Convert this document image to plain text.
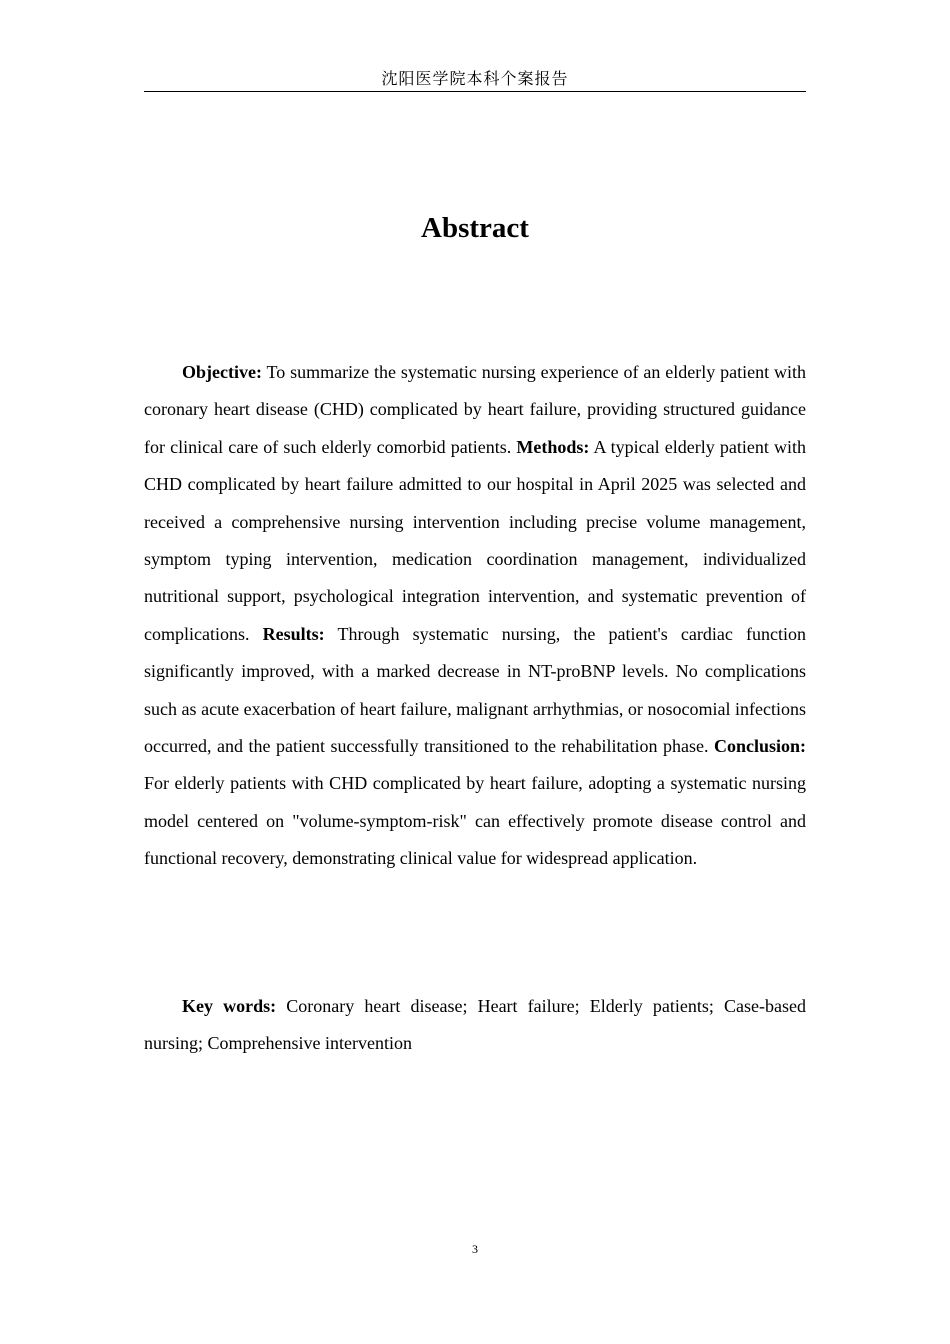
沈阳医学院本科个案报告
Abstract

Objective: To summarize the systematic nursing experience of an elderly patient with coronary heart disease (CHD) complicated by heart failure, providing structured guidance for clinical care of such elderly comorbid patients. Methods: A typical elderly patient with CHD complicated by heart failure admitted to our hospital in April 2025 was selected and received a comprehensive nursing intervention including precise volume management, symptom typing intervention, medication coordination management, individualized nutritional support, psychological integration intervention, and systematic prevention of complications. Results: Through systematic nursing, the patient's cardiac function significantly improved, with a marked decrease in NT-proBNP levels. No complications such as acute exacerbation of heart failure, malignant arrhythmias, or nosocomial infections occurred, and the patient successfully transitioned to the rehabilitation phase. Conclusion: For elderly patients with CHD complicated by heart failure, adopting a systematic nursing model centered on "volume-symptom-risk" can effectively promote disease control and functional recovery, demonstrating clinical value for widespread application.

Key words: Coronary heart disease; Heart failure; Elderly patients; Case-based nursing; Comprehensive intervention

3
